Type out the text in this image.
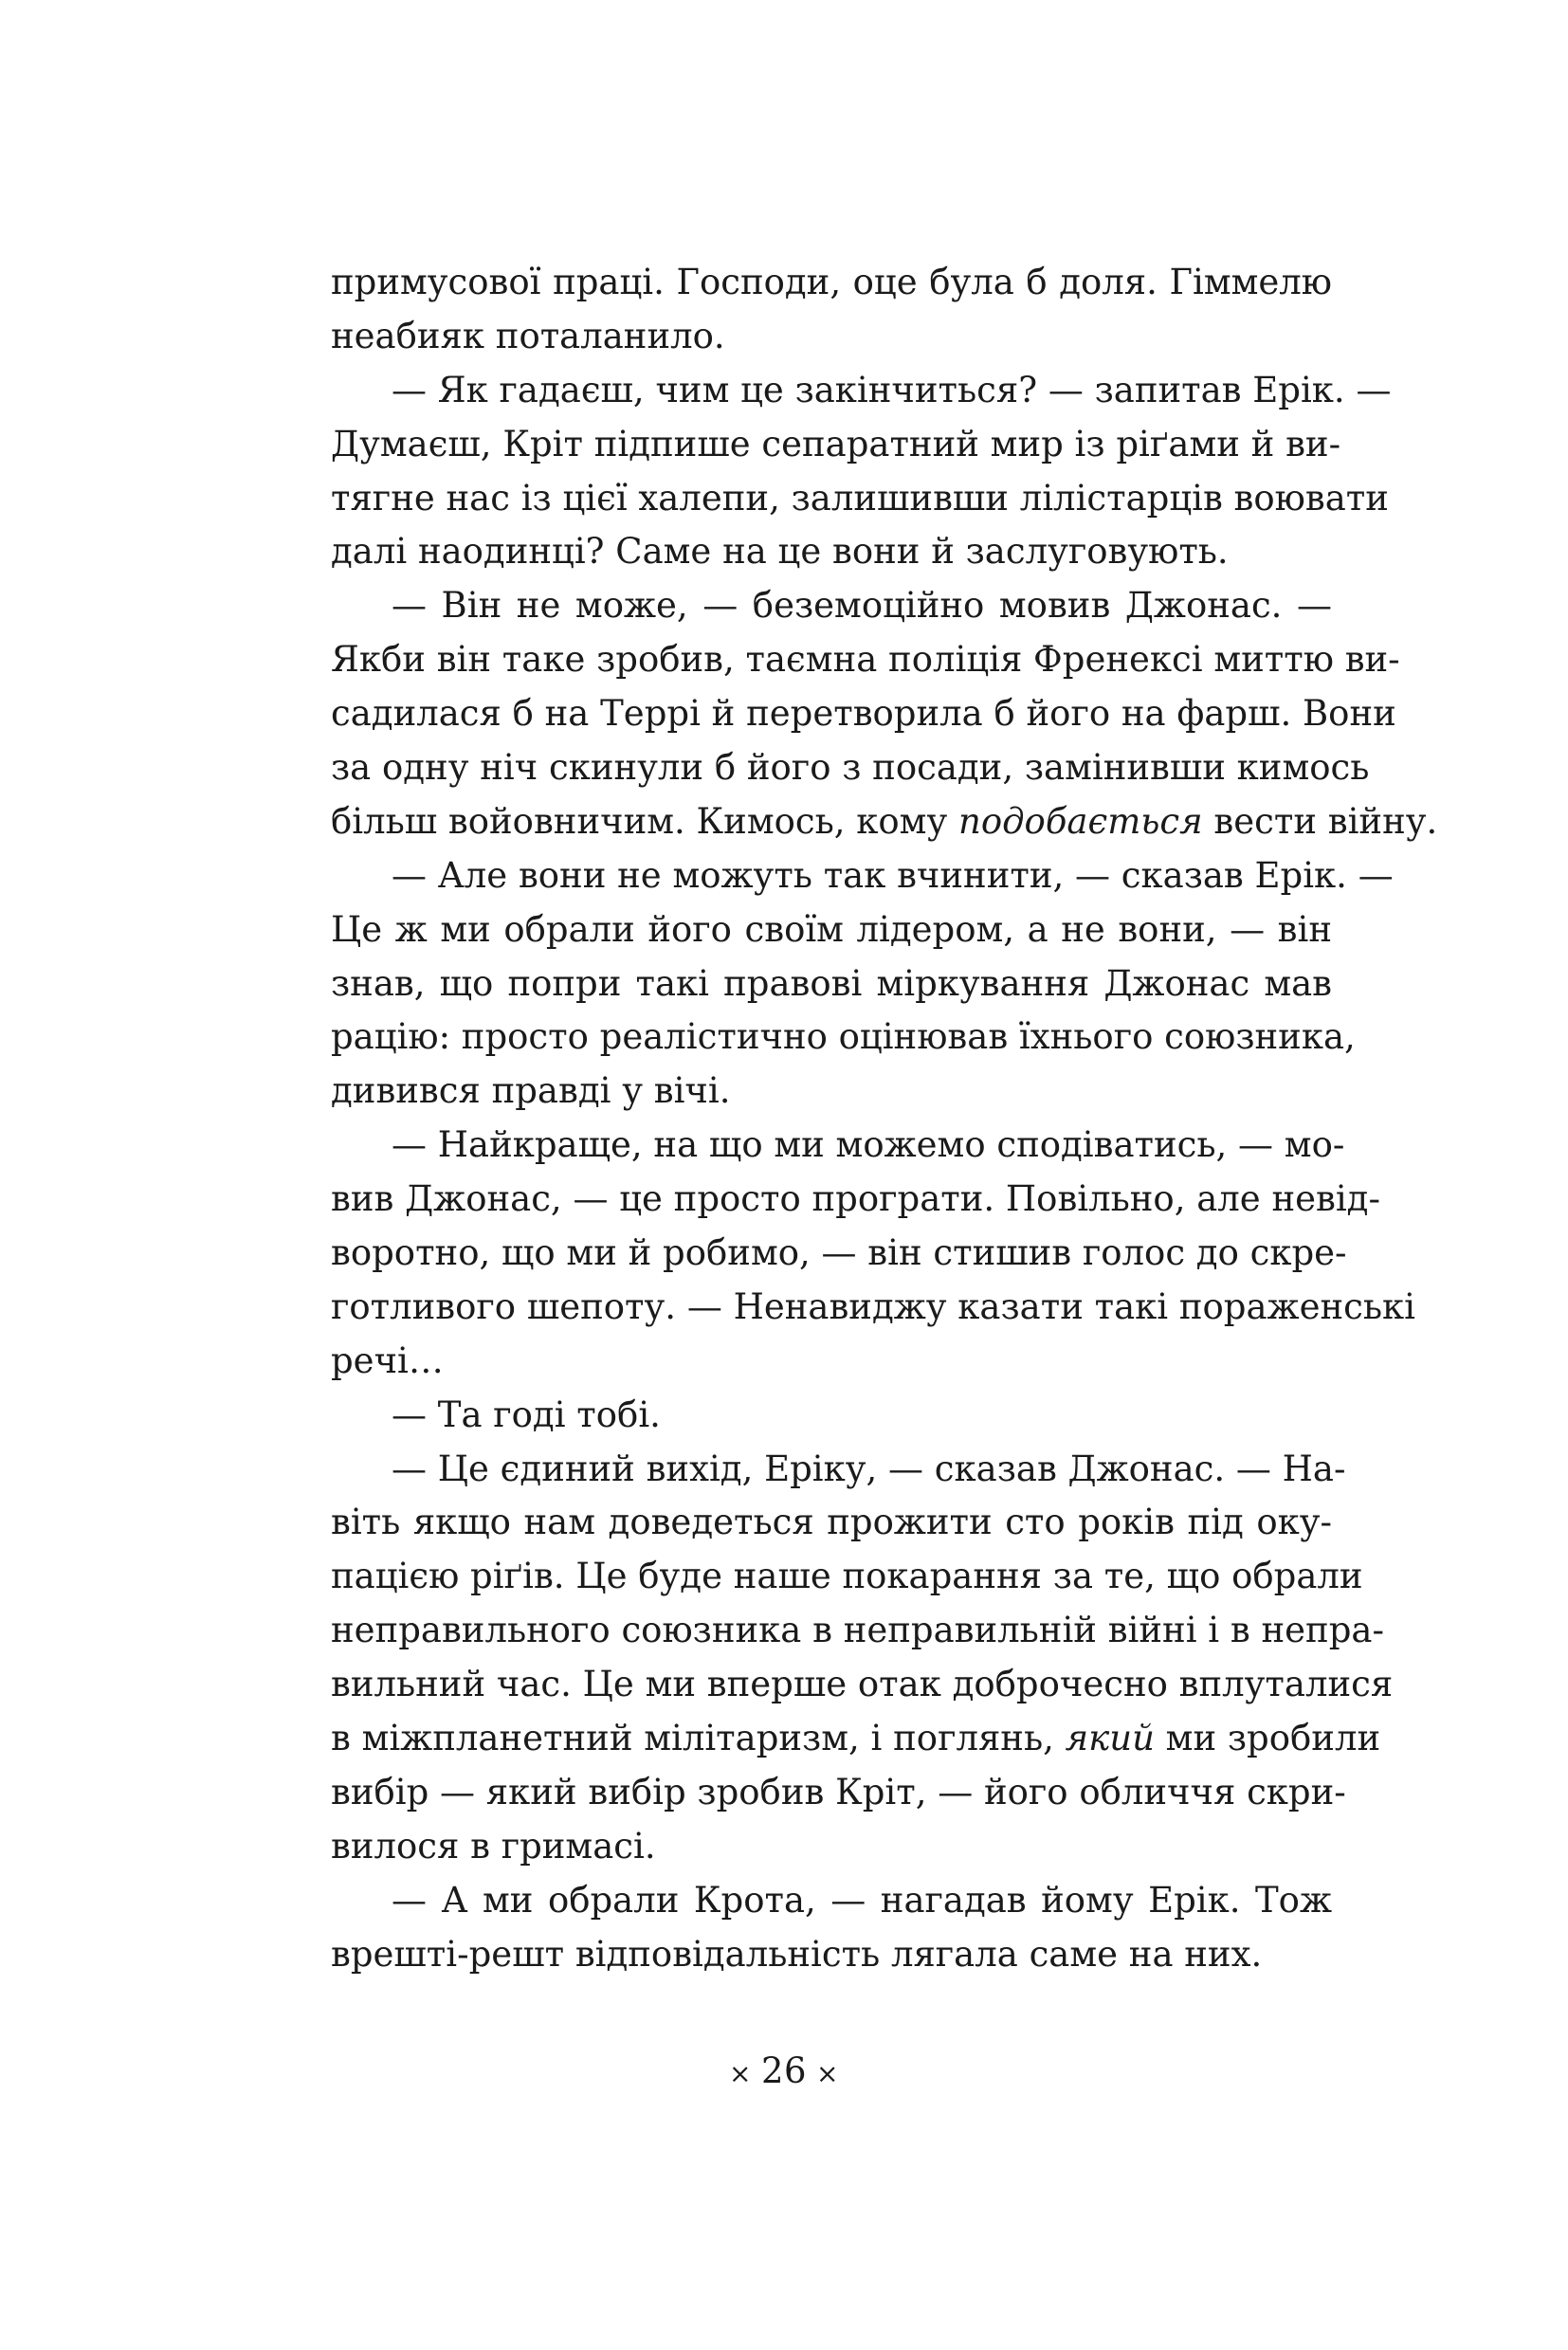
примусової праці. Господи, оце була б доля. Гіммелю
неабияк поталанило.
— Як гадаєш, чим це закінчиться? — запитав Ерік. —
Думаєш, Кріт підпише сепаратний мир із ріґами й ви-
тягне нас із цієї халепи, залишивши лілістарців воювати
далі наодинці? Саме на це вони й заслуговують.
— Він не може, — беземоційно мовив Джонас. —
Якби він таке зробив, таємна поліція Френексі миттю ви-
садилася б на Террі й перетворила б його на фарш. Вони
за одну ніч скинули б його з посади, замінивши кимось
більш войовничим. Кимось, кому подобається вести війну.
— Але вони не можуть так вчинити, — сказав Ерік. —
Це ж ми обрали його своїм лідером, а не вони, — він
знав, що попри такі правові міркування Джонас мав
рацію: просто реалістично оцінював їхнього союзника,
дивився правді у вічі.
— Найкраще, на що ми можемо сподіватись, — мо-
вив Джонас, — це просто програти. Повільно, але невід-
воротно, що ми й робимо, — він стишив голос до скре-
готливого шепоту. — Ненавиджу казати такі пораженські
речі…
— Та годі тобі.
— Це єдиний вихід, Еріку, — сказав Джонас. — На-
віть якщо нам доведеться прожити сто років під оку-
пацією ріґів. Це буде наше покарання за те, що обрали
неправильного союзника в неправильній війні і в непра-
вильний час. Це ми вперше отак доброчесно вплуталися
в міжпланетний мілітаризм, і поглянь, який ми зробили
вибір — який вибір зробив Кріт, — його обличчя скри-
вилося в гримасі.
— А ми обрали Крота, — нагадав йому Ерік. Тож
врешті-решт відповідальність лягала саме на них.
× 26 ×
